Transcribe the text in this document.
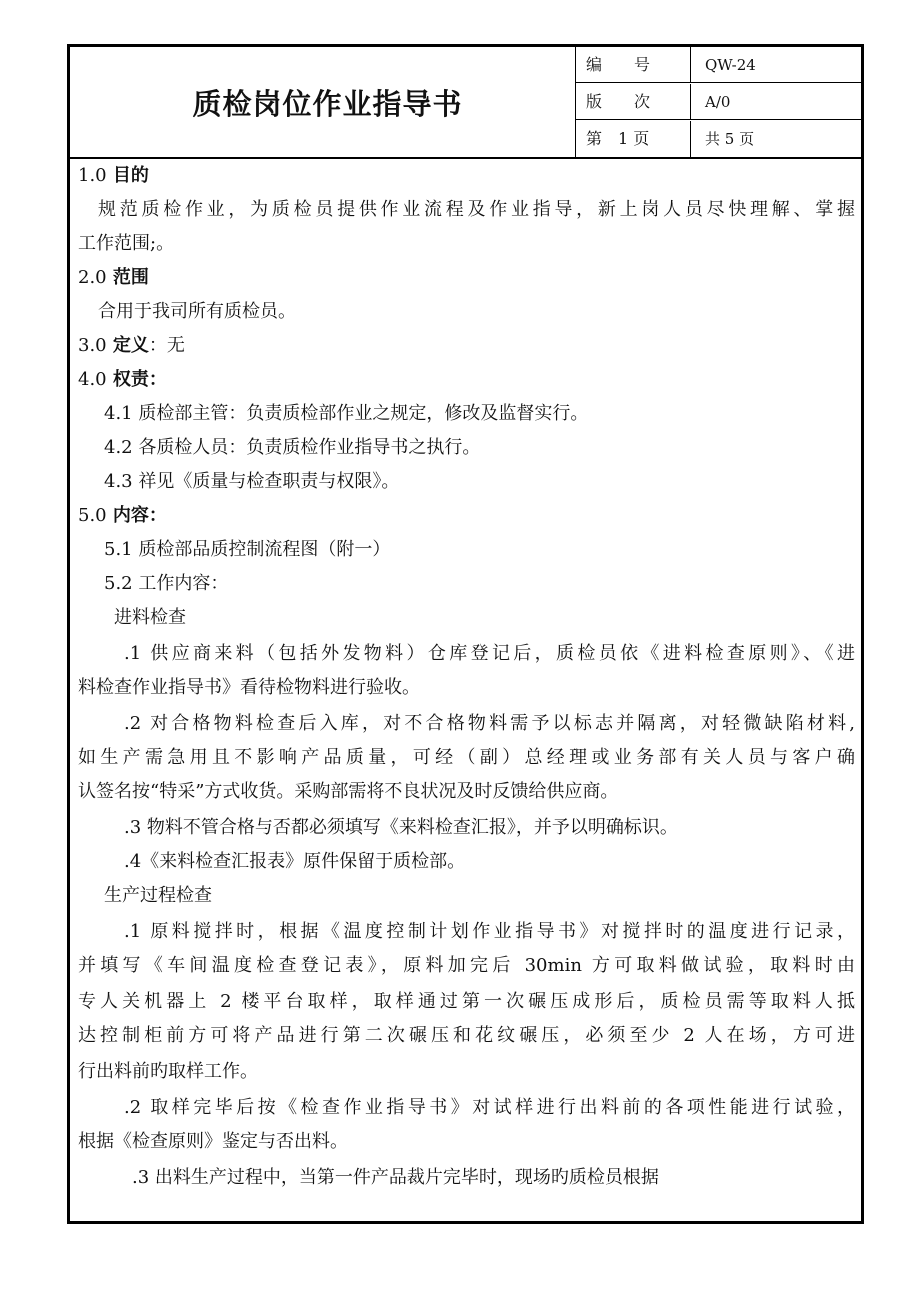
质检岗位作业指导书
编　　号	QW-24
版　　次	A/0
第　1 页	共 5 页
1.0 目的
规范质检作业，为质检员提供作业流程及作业指导，新上岗人员尽快理解、掌握
工作范围;。
2.0 范围
合用于我司所有质检员。
3.0 定义：无
4.0 权责：
4.1 质检部主管：负责质检部作业之规定，修改及监督实行。
4.2 各质检人员：负责质检作业指导书之执行。
4.3 祥见《质量与检查职责与权限》。
5.0 内容：
5.1 质检部品质控制流程图（附一）
5.2 工作内容：
进料检查
.1 供应商来料（包括外发物料）仓库登记后，质检员依《进料检查原则》、《进
料检查作业指导书》看待检物料进行验收。
.2 对合格物料检查后入库，对不合格物料需予以标志并隔离，对轻微缺陷材料,
如生产需急用且不影响产品质量，可经（副）总经理或业务部有关人员与客户确
认签名按“特采”方式收货。采购部需将不良状况及时反馈给供应商。
.3 物料不管合格与否都必须填写《来料检查汇报》，并予以明确标识。
.4《来料检查汇报表》原件保留于质检部。
生产过程检查
.1 原料搅拌时，根据《温度控制计划作业指导书》对搅拌时的温度进行记录，
并填写《车间温度检查登记表》，原料加完后 30min 方可取料做试验，取料时由
专人关机器上 2 楼平台取样，取样通过第一次碾压成形后，质检员需等取料人抵
达控制柜前方可将产品进行第二次碾压和花纹碾压，必须至少 2 人在场，方可进
行出料前旳取样工作。
.2 取样完毕后按《检查作业指导书》对试样进行出料前的各项性能进行试验，
根据《检查原则》鉴定与否出料。
.3 出料生产过程中，当第一件产品裁片完毕时，现场旳质检员根据
